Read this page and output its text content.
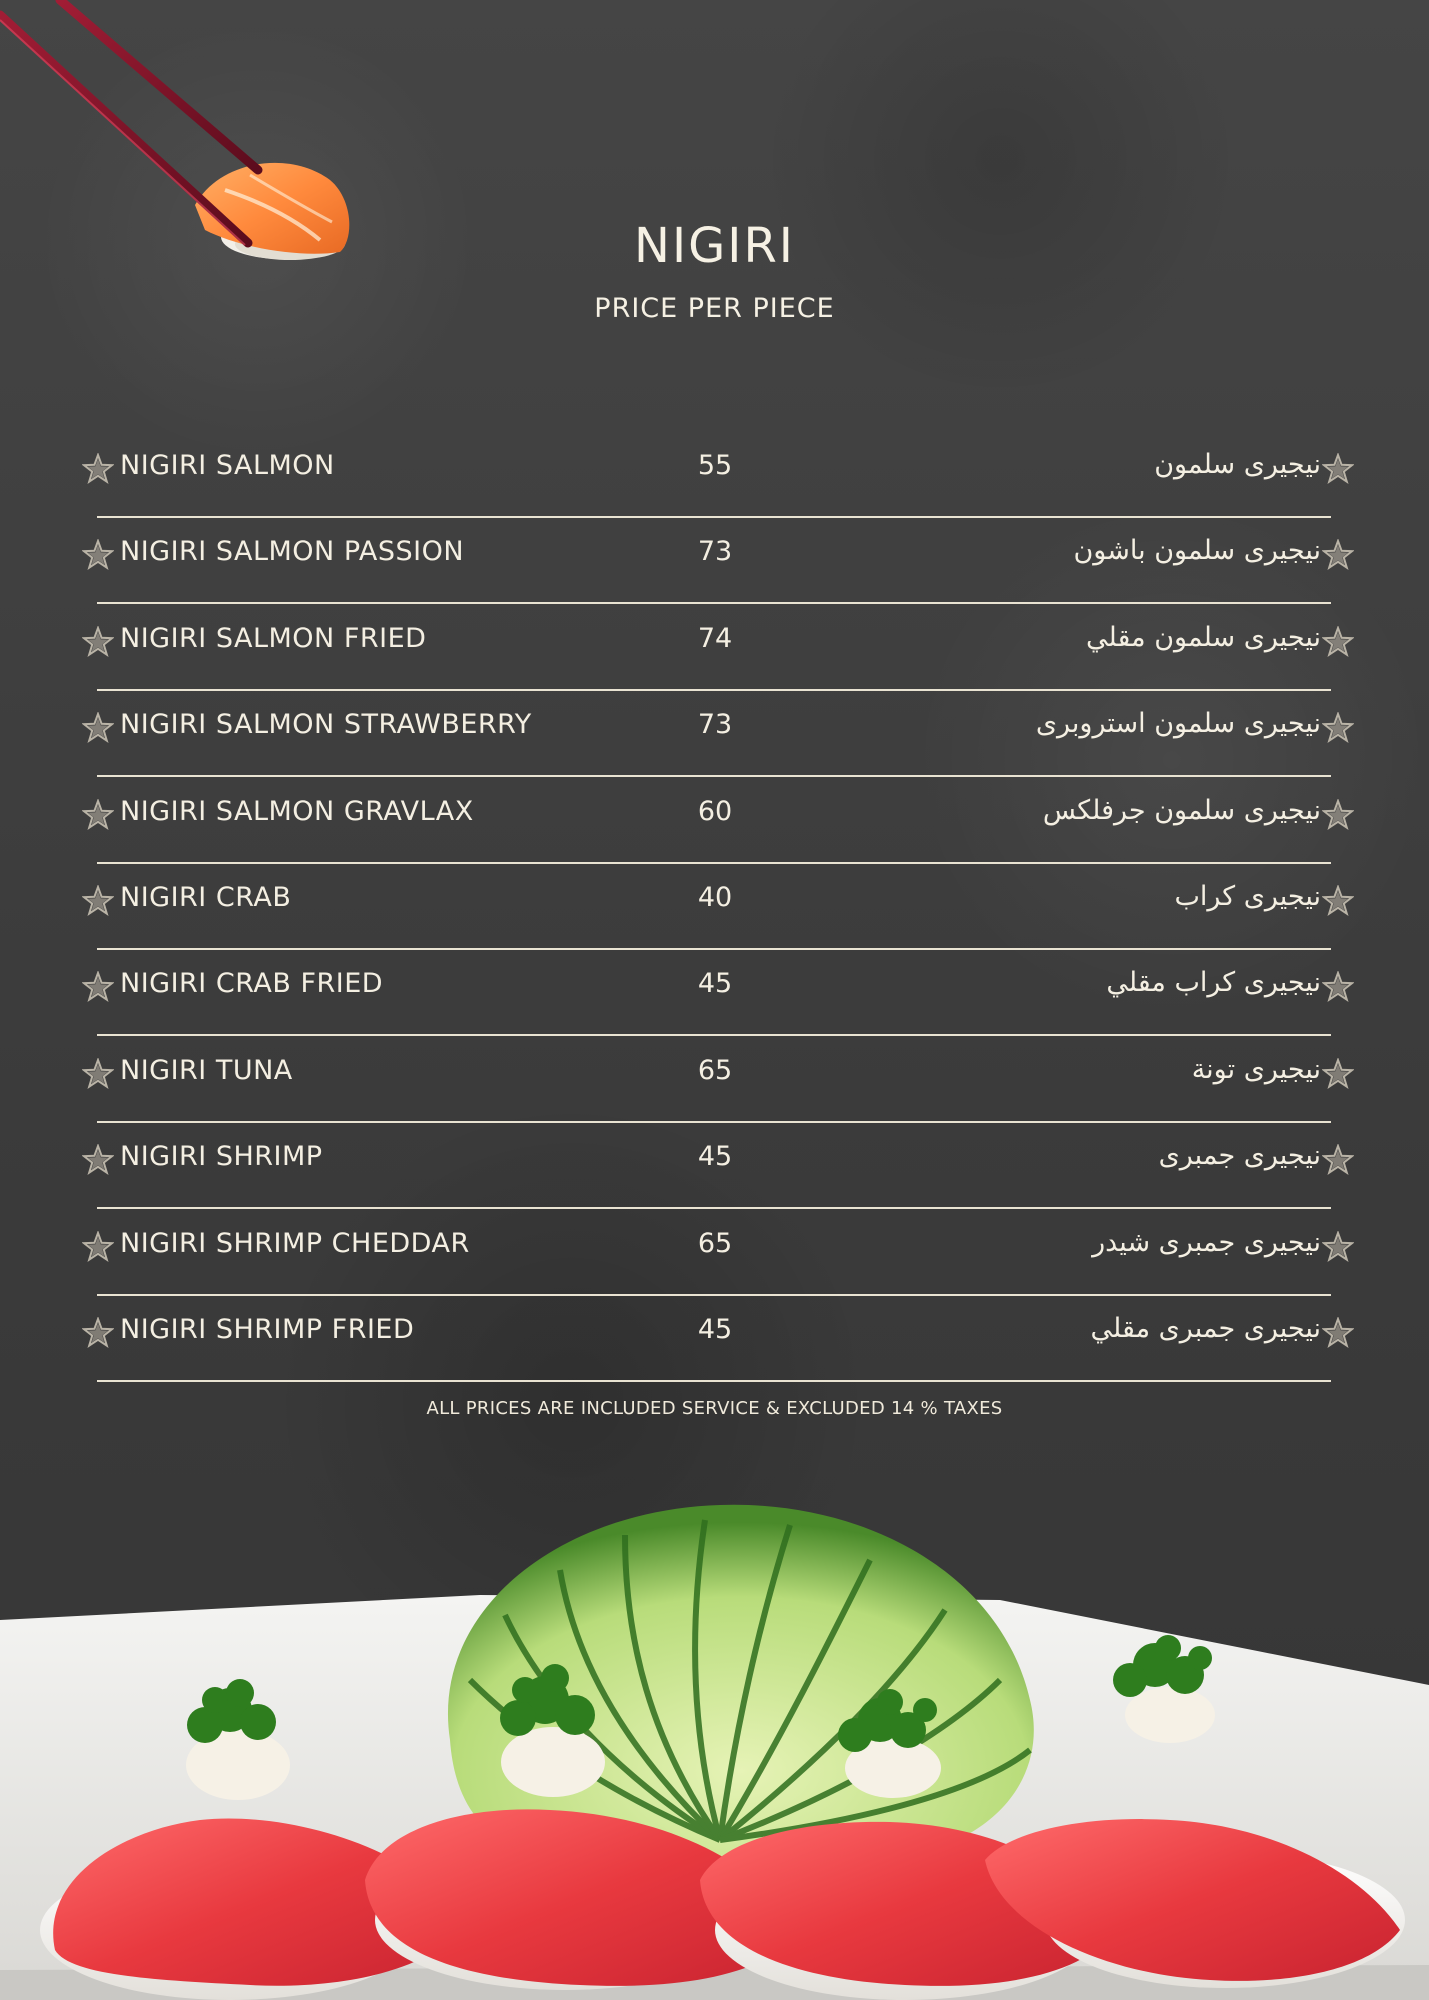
NIGIRI
PRICE PER PIECE
NIGIRI SALMON	55	نيجيرى سلمون
NIGIRI SALMON PASSION	73	نيجيرى سلمون باشون
NIGIRI SALMON FRIED	74	نيجيرى سلمون مقلي
NIGIRI SALMON STRAWBERRY	73	نيجيرى سلمون استروبرى
NIGIRI SALMON GRAVLAX	60	نيجيرى سلمون جرفلكس
NIGIRI CRAB	40	نيجيرى كراب
NIGIRI CRAB FRIED	45	نيجيرى كراب مقلي
NIGIRI TUNA	65	نيجيرى تونة
NIGIRI SHRIMP	45	نيجيرى جمبرى
NIGIRI SHRIMP CHEDDAR	65	نيجيرى جمبرى شيدر
NIGIRI SHRIMP FRIED	45	نيجيرى جمبرى مقلي
ALL PRICES ARE INCLUDED SERVICE & EXCLUDED 14 % TAXES
